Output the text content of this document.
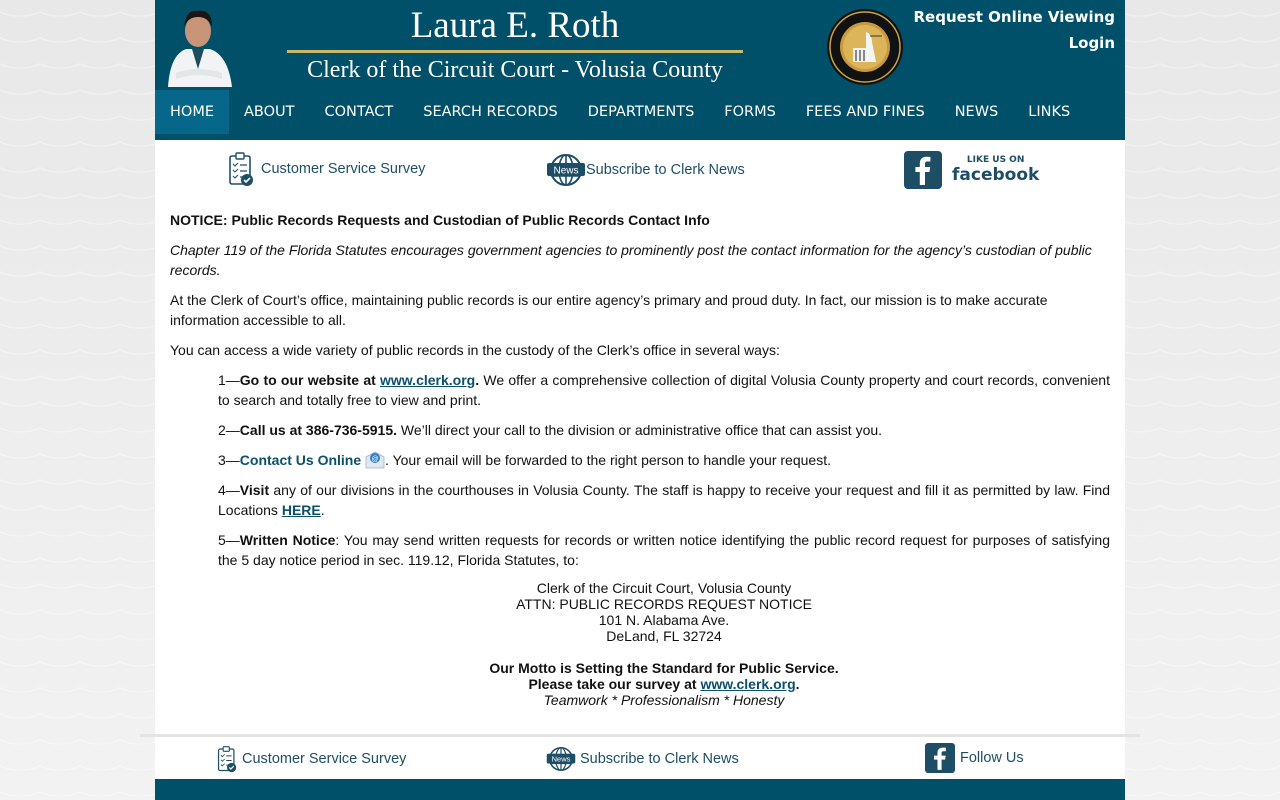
Laura E. Roth
Clerk of the Circuit Court - Volusia County
Request Online Viewing
Login
HOME	ABOUT	CONTACT	SEARCH RECORDS	DEPARTMENTS	FORMS	FEES AND FINES	NEWS	LINKS
Customer Service Survey	News Subscribe to Clerk News
LIKE US ON
facebook

NOTICE: Public Records Requests and Custodian of Public Records Contact Info

Chapter 119 of the Florida Statutes encourages government agencies to prominently post the contact information for the agency’s custodian of public records.

At the Clerk of Court’s office, maintaining public records is our entire agency’s primary and proud duty. In fact, our mission is to make accurate information accessible to all.

You can access a wide variety of public records in the custody of the Clerk’s office in several ways:

1—Go to our website at www.clerk.org. We offer a comprehensive collection of digital Volusia County property and court records, convenient to search and totally free to view and print.

2—Call us at 386-736-5915. We’ll direct your call to the division or administrative office that can assist you.

3—Contact Us Online @ . Your email will be forwarded to the right person to handle your request.

4—Visit any of our divisions in the courthouses in Volusia County. The staff is happy to receive your request and fill it as permitted by law. Find Locations HERE.

5—Written Notice: You may send written requests for records or written notice identifying the public record request for purposes of satisfying the 5 day notice period in sec. 119.12, Florida Statutes, to:

Clerk of the Circuit Court, Volusia County
ATTN: PUBLIC RECORDS REQUEST NOTICE
101 N. Alabama Ave.
DeLand, FL 32724
Our Motto is Setting the Standard for Public Service.
Please take our survey at www.clerk.org.
Teamwork * Professionalism * Honesty
Customer Service Survey	News Subscribe to Clerk News	Follow Us
